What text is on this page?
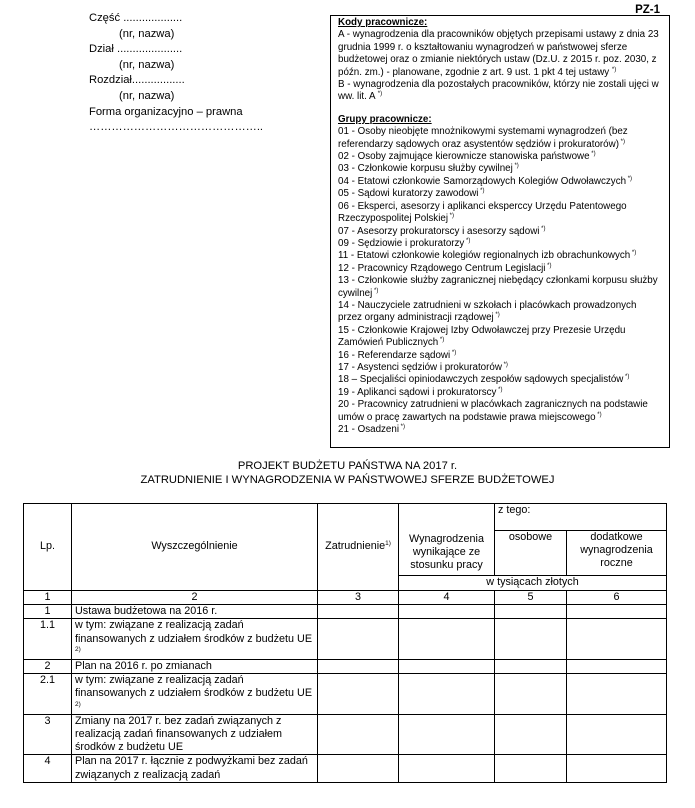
PZ-1
Część ...................
(nr, nazwa)
Dział .....................
(nr, nazwa)
Rozdział.................
(nr, nazwa)
Forma organizacyjno – prawna
………………………………………..

Kody pracownicze:

A - wynagrodzenia dla pracowników objętych przepisami ustawy z dnia 23 grudnia 1999 r. o kształtowaniu wynagrodzeń w państwowej sferze budżetowej oraz o zmianie niektórych ustaw (Dz.U. z 2015 r. poz. 2030, z późn. zm.) - planowane, zgodnie z art. 9 ust. 1 pkt 4 tej ustawy *)

B - wynagrodzenia dla pozostałych pracowników, którzy nie zostali ujęci w ww. lit. A *)

Grupy pracownicze:

01 - Osoby nieobjęte mnożnikowymi systemami wynagrodzeń (bez referendarzy sądowych oraz asystentów sędziów i prokuratorów) *)

02 - Osoby zajmujące kierownicze stanowiska państwowe *)

03 - Członkowie korpusu służby cywilnej *)

04 - Etatowi członkowie Samorządowych Kolegiów Odwoławczych *)

05 - Sądowi kuratorzy zawodowi *)

06 - Eksperci, asesorzy i aplikanci eksperccy Urzędu Patentowego Rzeczypospolitej Polskiej *)

07 - Asesorzy prokuratorscy i asesorzy sądowi *)

09 - Sędziowie i prokuratorzy *)

11 - Etatowi członkowie kolegiów regionalnych izb obrachunkowych *)

12 - Pracownicy Rządowego Centrum Legislacji *)

13 - Członkowie służby zagranicznej niebędący członkami korpusu służby cywilnej *)

14 - Nauczyciele zatrudnieni w szkołach i placówkach prowadzonych przez organy administracji rządowej *)

15 - Członkowie Krajowej Izby Odwoławczej przy Prezesie Urzędu Zamówień Publicznych *)

16 - Referendarze sądowi *)

17 - Asystenci sędziów i prokuratorów *)

18 – Specjaliści opiniodawczych zespołów sądowych specjalistów *)

19 - Aplikanci sądowi i prokuratorscy *)

20 - Pracownicy zatrudnieni w placówkach zagranicznych na podstawie umów o pracę zawartych na podstawie prawa miejscowego *)

21 - Osadzeni *)

PROJEKT BUDŻETU PAŃSTWA NA 2017 r.
ZATRUDNIENIE I WYNAGRODZENIA W PAŃSTWOWEJ SFERZE BUDŻETOWEJ
Lp.	Wyszczególnienie	Zatrudnienie$^{1)}$		z tego:	
			Wynagrodzenia wynikające ze stosunku pracy	osobowe	dodatkowe wynagrodzenia roczne
			w tysiącach złotych		
1	2	3	4	5	6
1	Ustawa budżetowa na 2016 r.				
1.1	w tym: związane z realizacją zadań finansowanych z udziałem środków z budżetu UE $^{2)}$				
2	Plan na 2016 r. po zmianach				
2.1	w tym: związane z realizacją zadań finansowanych z udziałem środków z budżetu UE $^{2)}$				
3	Zmiany na 2017 r. bez zadań związanych z realizacją zadań finansowanych z udziałem środków z budżetu UE				
4	Plan na 2017 r. łącznie z podwyżkami bez zadań związanych z realizacją zadań				
